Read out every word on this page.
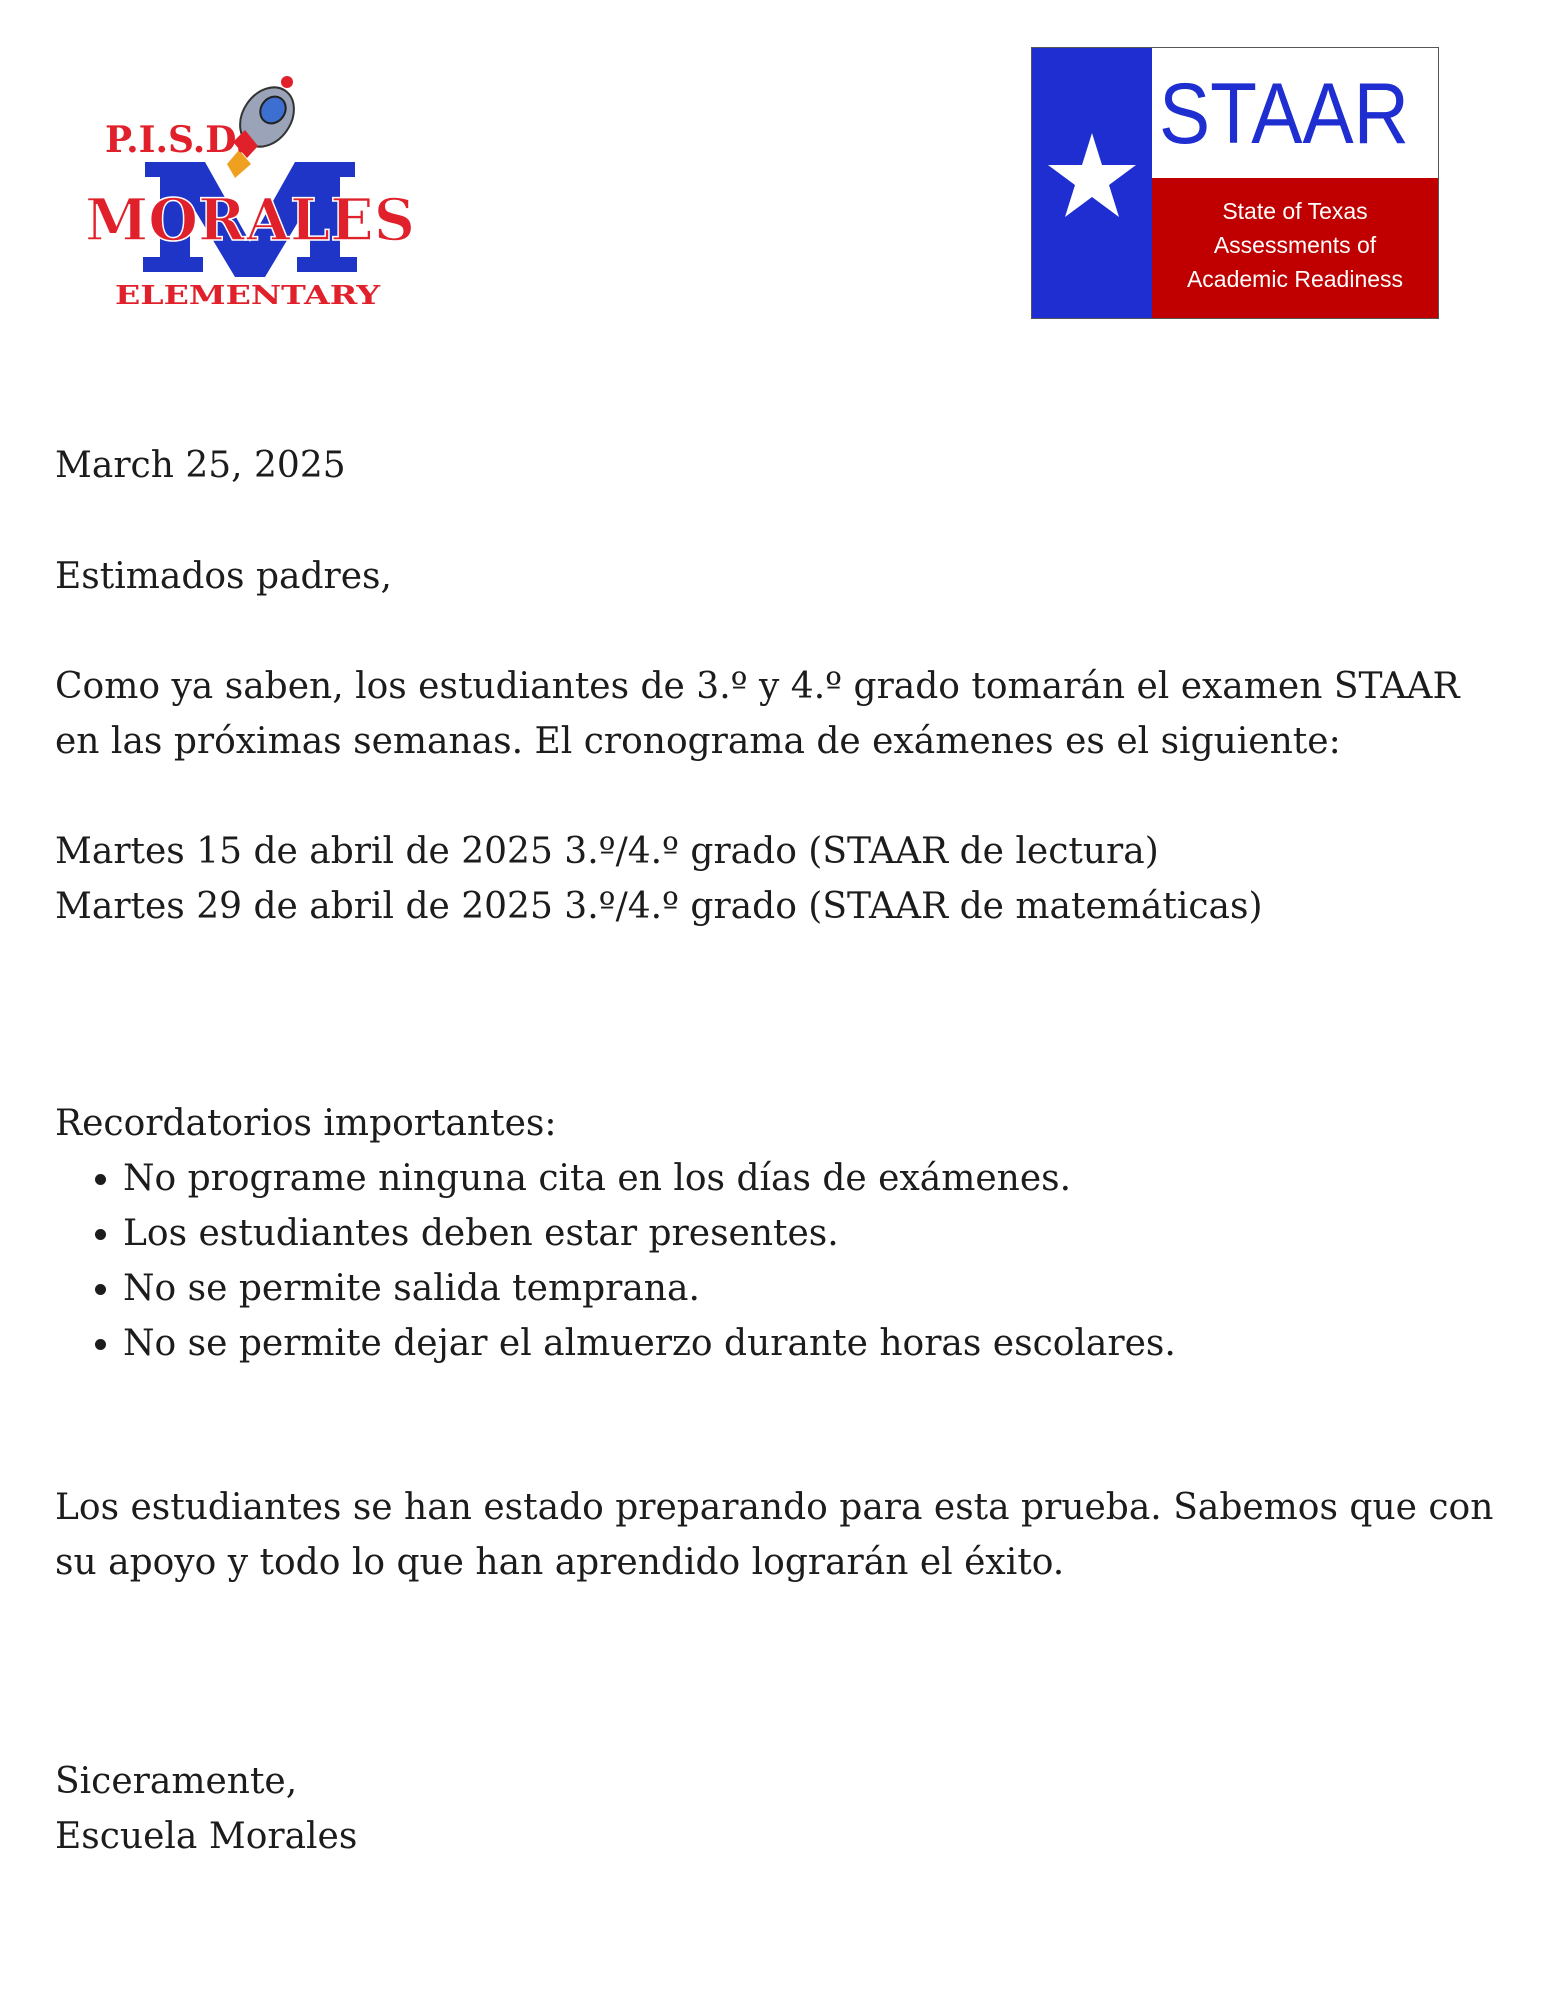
P.I.S.D.
MORALES
ELEMENTARY
STAAR
State of Texas
Assessments of
Academic Readiness

March 25, 2025

Estimados padres,

Como ya saben, los estudiantes de 3.º y 4.º grado tomarán el examen STAAR en las próximas semanas. El cronograma de exámenes es el siguiente:

Martes 15 de abril de 2025 3.º/4.º grado (STAAR de lectura)

Martes 29 de abril de 2025 3.º/4.º grado (STAAR de matemáticas)

Recordatorios importantes:

• No programe ninguna cita en los días de exámenes.
• Los estudiantes deben estar presentes.
• No se permite salida temprana.
• No se permite dejar el almuerzo durante horas escolares.

Los estudiantes se han estado preparando para esta prueba. Sabemos que con su apoyo y todo lo que han aprendido lograrán el éxito.

Siceramente,

Escuela Morales
